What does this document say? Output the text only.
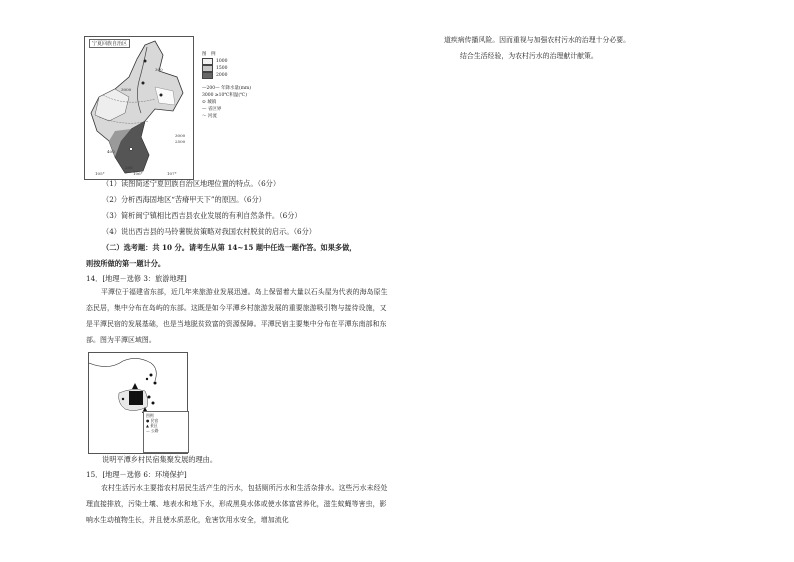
宁夏回族自治区
3000
3000
2500
400
300
200
105°	106°	107°
图　例
1000
1500
2000
—200— 年降水量(mm)
3000 ≥10℃积温(℃)
⊙ 城镇
— 省区界
～ 河流
（1）读图简述宁夏回族自治区地理位置的特点。（6分）
（2）分析西海固地区“苦瘠甲天下”的原因。（6分）
（3）简析闽宁镇相比西吉县农业发展的有利自然条件。（6分）
（4）说出西吉县的马铃薯脱贫策略对我国农村脱贫的启示。（6分）
（二）选考题：共 10 分。请考生从第 14~15 题中任选一题作答。如果多做，
则按所做的第一题计分。
14．[地理－选修 3：旅游地理]
平潭位于福建省东部，近几年来旅游业发展迅速。岛上保留着大量以石头屋为代表的海岛原生态民居，集中分布在岛屿的东部。这既是如今平潭乡村旅游发展的重要旅游吸引物与接待设施，又是平潭民宿的发展基础，也是当地脱贫致富的资源保障。平潭民宿主要集中分布在平潭东南部和东部。图为平潭区域图。
图例
● 民宿
▲ 景区
— 公路
说明平潭乡村民宿集聚发展的理由。
15．[地理－选修 6：环境保护]
农村生活污水主要指农村居民生活产生的污水，包括厕所污水和生活杂排水。这些污水未经处理直接排放，污染土壤、地表水和地下水，形成黑臭水体或使水体富营养化，滋生蚊蝇等害虫，影响水生动植物生长，并且使水质恶化，危害饮用水安全，增加流化
道疾病传播风险。因而重视与加强农村污水的治理十分必要。
结合生活经验，为农村污水的治理献计献策。
